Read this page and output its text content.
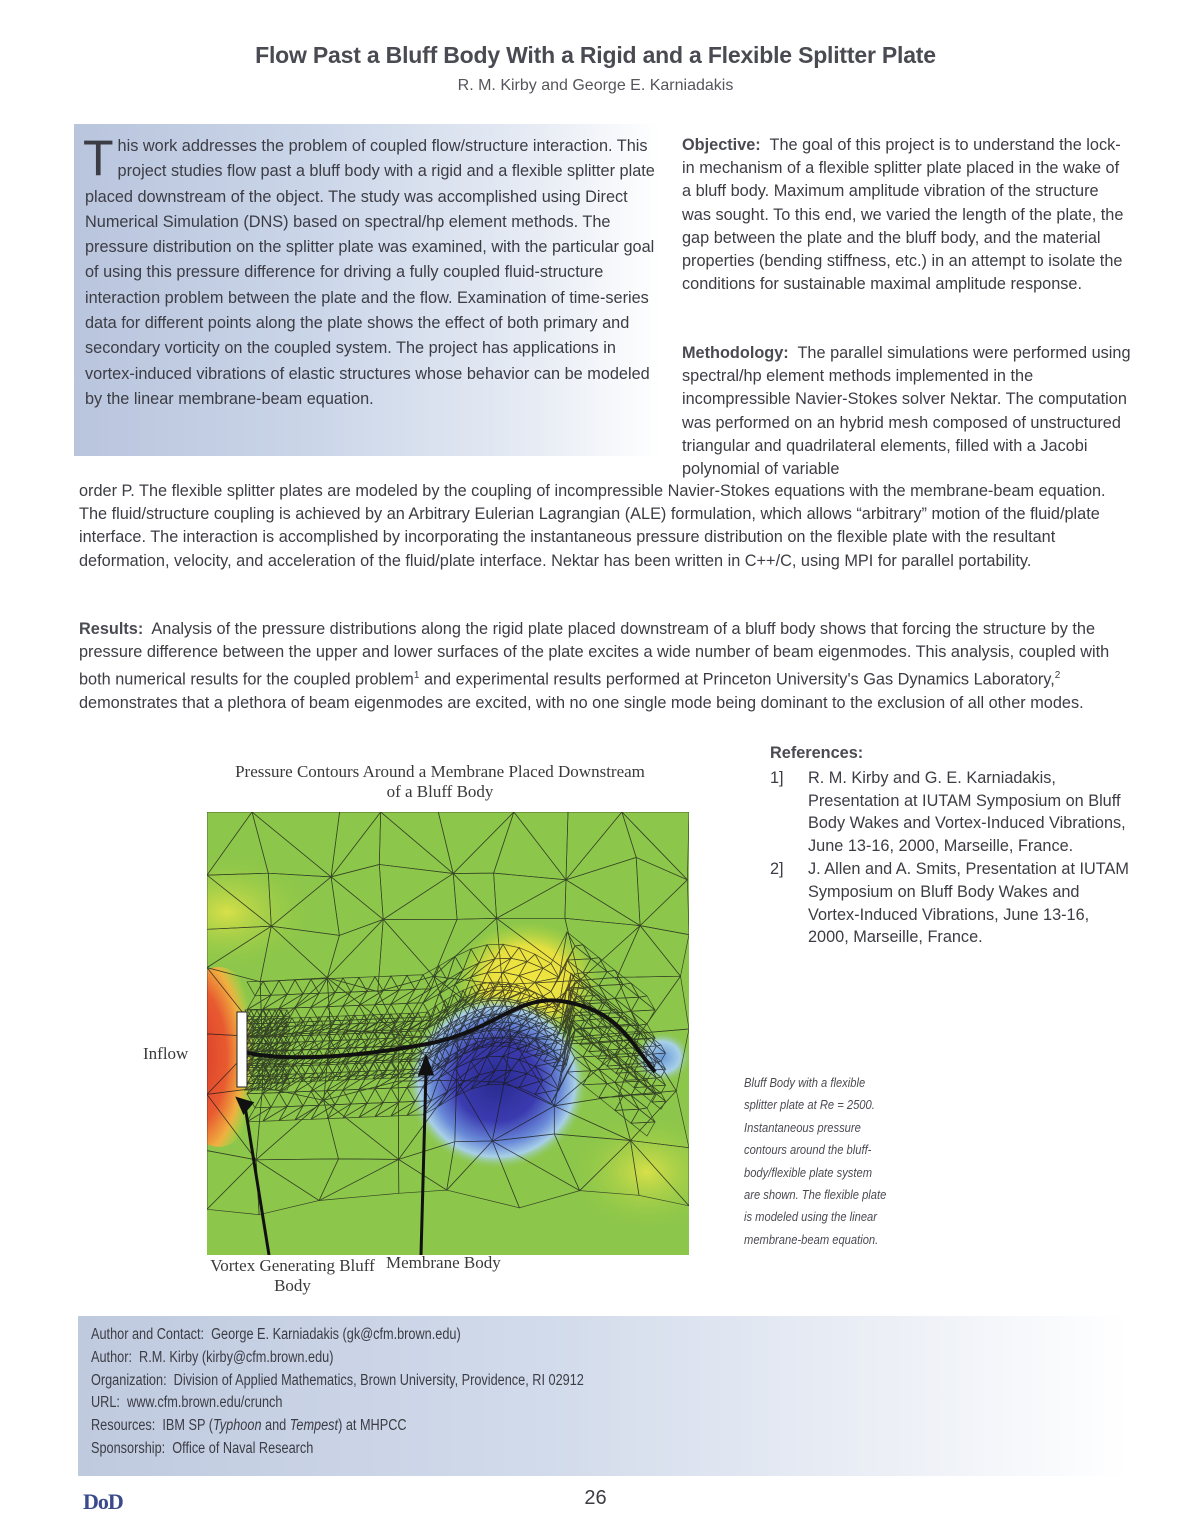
Flow Past a Bluff Body With a Rigid and a Flexible Splitter Plate
R. M. Kirby and George E. Karniadakis
This work addresses the problem of coupled flow/structure interaction. This project studies flow past a bluff body with a rigid and a flexible splitter plate placed downstream of the object. The study was accomplished using Direct Numerical Simulation (DNS) based on spectral/hp element methods. The pressure distribution on the splitter plate was examined, with the particular goal of using this pressure difference for driving a fully coupled fluid-structure interaction problem between the plate and the flow. Examination of time-series data for different points along the plate shows the effect of both primary and secondary vorticity on the coupled system. The project has applications in vortex-induced vibrations of elastic structures whose behavior can be modeled by the linear membrane-beam equation.

Objective: The goal of this project is to understand the lock-in mechanism of a flexible splitter plate placed in the wake of a bluff body. Maximum amplitude vibration of the structure was sought. To this end, we varied the length of the plate, the gap between the plate and the bluff body, and the material properties (bending stiffness, etc.) in an attempt to isolate the conditions for sustainable maximal amplitude response.

Methodology: The parallel simulations were performed using spectral/hp element methods implemented in the incompressible Navier-Stokes solver Nektar. The computation was performed on an hybrid mesh composed of unstructured triangular and quadrilateral elements, filled with a Jacobi polynomial of variable

order P. The flexible splitter plates are modeled by the coupling of incompressible Navier-Stokes equations with the membrane-beam equation. The fluid/structure coupling is achieved by an Arbitrary Eulerian Lagrangian (ALE) formulation, which allows “arbitrary” motion of the fluid/plate interface. The interaction is accomplished by incorporating the instantaneous pressure distribution on the flexible plate with the resultant deformation, velocity, and acceleration of the fluid/plate interface. Nektar has been written in C++/C, using MPI for parallel portability.

Results: Analysis of the pressure distributions along the rigid plate placed downstream of a bluff body shows that forcing the structure by the pressure difference between the upper and lower surfaces of the plate excites a wide number of beam eigenmodes. This analysis, coupled with both numerical results for the coupled problem$^1$ and experimental results performed at Princeton University's Gas Dynamics Laboratory,$^2$ demonstrates that a plethora of beam eigenmodes are excited, with no one single mode being dominant to the exclusion of all other modes.

References:
1]	R. M. Kirby and G. E. Karniadakis, Presentation at IUTAM Symposium on Bluff Body Wakes and Vortex-Induced Vibrations, June 13-16, 2000, Marseille, France.
2]	J. Allen and A. Smits, Presentation at IUTAM Symposium on Bluff Body Wakes and Vortex-Induced Vibrations, June 13-16, 2000, Marseille, France.
Pressure Contours Around a Membrane Placed Downstream of a Bluff Body
Inflow
Vortex Generating Bluff Body
Membrane Body
Bluff Body with a flexible splitter plate at Re = 2500. Instantaneous pressure contours around the bluff-body/flexible plate system are shown. The flexible plate is modeled using the linear membrane-beam equation.
Author and Contact: George E. Karniadakis (gk@cfm.brown.edu)
Author: R.M. Kirby (kirby@cfm.brown.edu)
Organization: Division of Applied Mathematics, Brown University, Providence, RI 02912
URL: www.cfm.brown.edu/crunch
Resources: IBM SP (Typhoon and Tempest) at MHPCC
Sponsorship: Office of Naval Research
DoD	26
